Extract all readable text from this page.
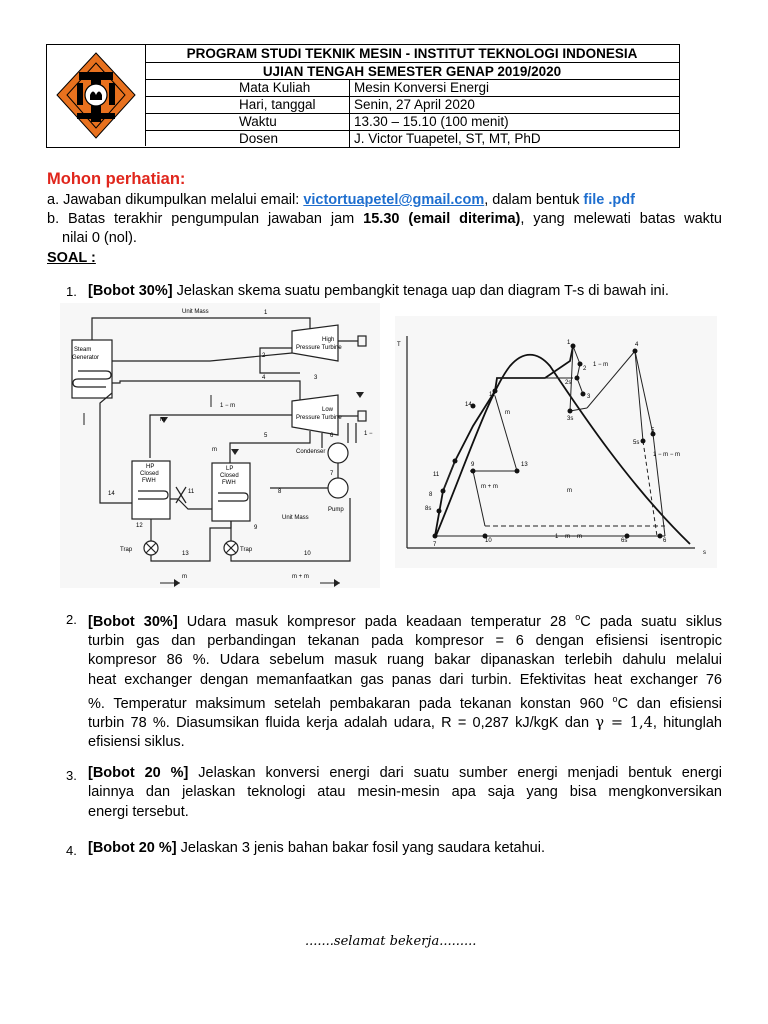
PROGRAM STUDI TEKNIK MESIN - INSTITUT TEKNOLOGI INDONESIA
UJIAN TENGAH SEMESTER GENAP 2019/2020
Mata Kuliah	Mesin Konversi Energi
Hari, tanggal	Senin, 27 April 2020
Waktu	13.30 – 15.10 (100 menit)
Dosen	J. Victor Tuapetel, ST, MT, PhD
Mohon perhatian:
a. Jawaban dikumpulkan melalui email: victortuapetel@gmail.com, dalam bentuk file .pdf
b. Batas terakhir pengumpulan jawaban jam 15.30 (email diterima), yang melewati batas waktu
nilai 0 (nol).
SOAL :
1. [Bobot 30%] Jelaskan skema suatu pembangkit tenaga uap dan diagram T-s di bawah ini.
Unit Mass
Steam
Generator
High
Pressure Turbine
Low
Pressure Turbine
Condenser
Pump
HP
Closed
FWH
LP
Closed
FWH
Trap	Trap
Unit Mass
1 − m
m
m
m	m + m
1 −
1
2
3
4
5	6
7
8
9
10
11
12
13
14
T
s
1
2
2s
3
3s
4
5
5s
6
6s
7
8
8s
9
10
11
12
13
14
1 − m
1 − m − m
1 − m − m
m
m + m
m
2. [Bobot 30%] Udara masuk kompresor pada keadaan temperatur 28 $^o$C pada suatu siklus
turbin gas dan perbandingan tekanan pada kompresor = 6 dengan efisiensi isentropic
kompresor 86 %. Udara sebelum masuk ruang bakar dipanaskan terlebih dahulu melalui
heat exchanger dengan memanfaatkan gas panas dari turbin. Efektivitas heat exchanger 76
%. Temperatur maksimum setelah pembakaran pada tekanan konstan 960 $^o$C dan efisiensi
turbin 78 %. Diasumsikan fluida kerja adalah udara, R = 0,287 kJ/kgK dan γ = 1,4, hitunglah
efisiensi siklus.
3. [Bobot 20 %] Jelaskan konversi energi dari suatu sumber energi menjadi bentuk energi
lainnya dan jelaskan teknologi atau mesin-mesin apa saja yang bisa mengkonversikan
energi tersebut.
4. [Bobot 20 %] Jelaskan 3 jenis bahan bakar fosil yang saudara ketahui.
.......selamat bekerja.........
